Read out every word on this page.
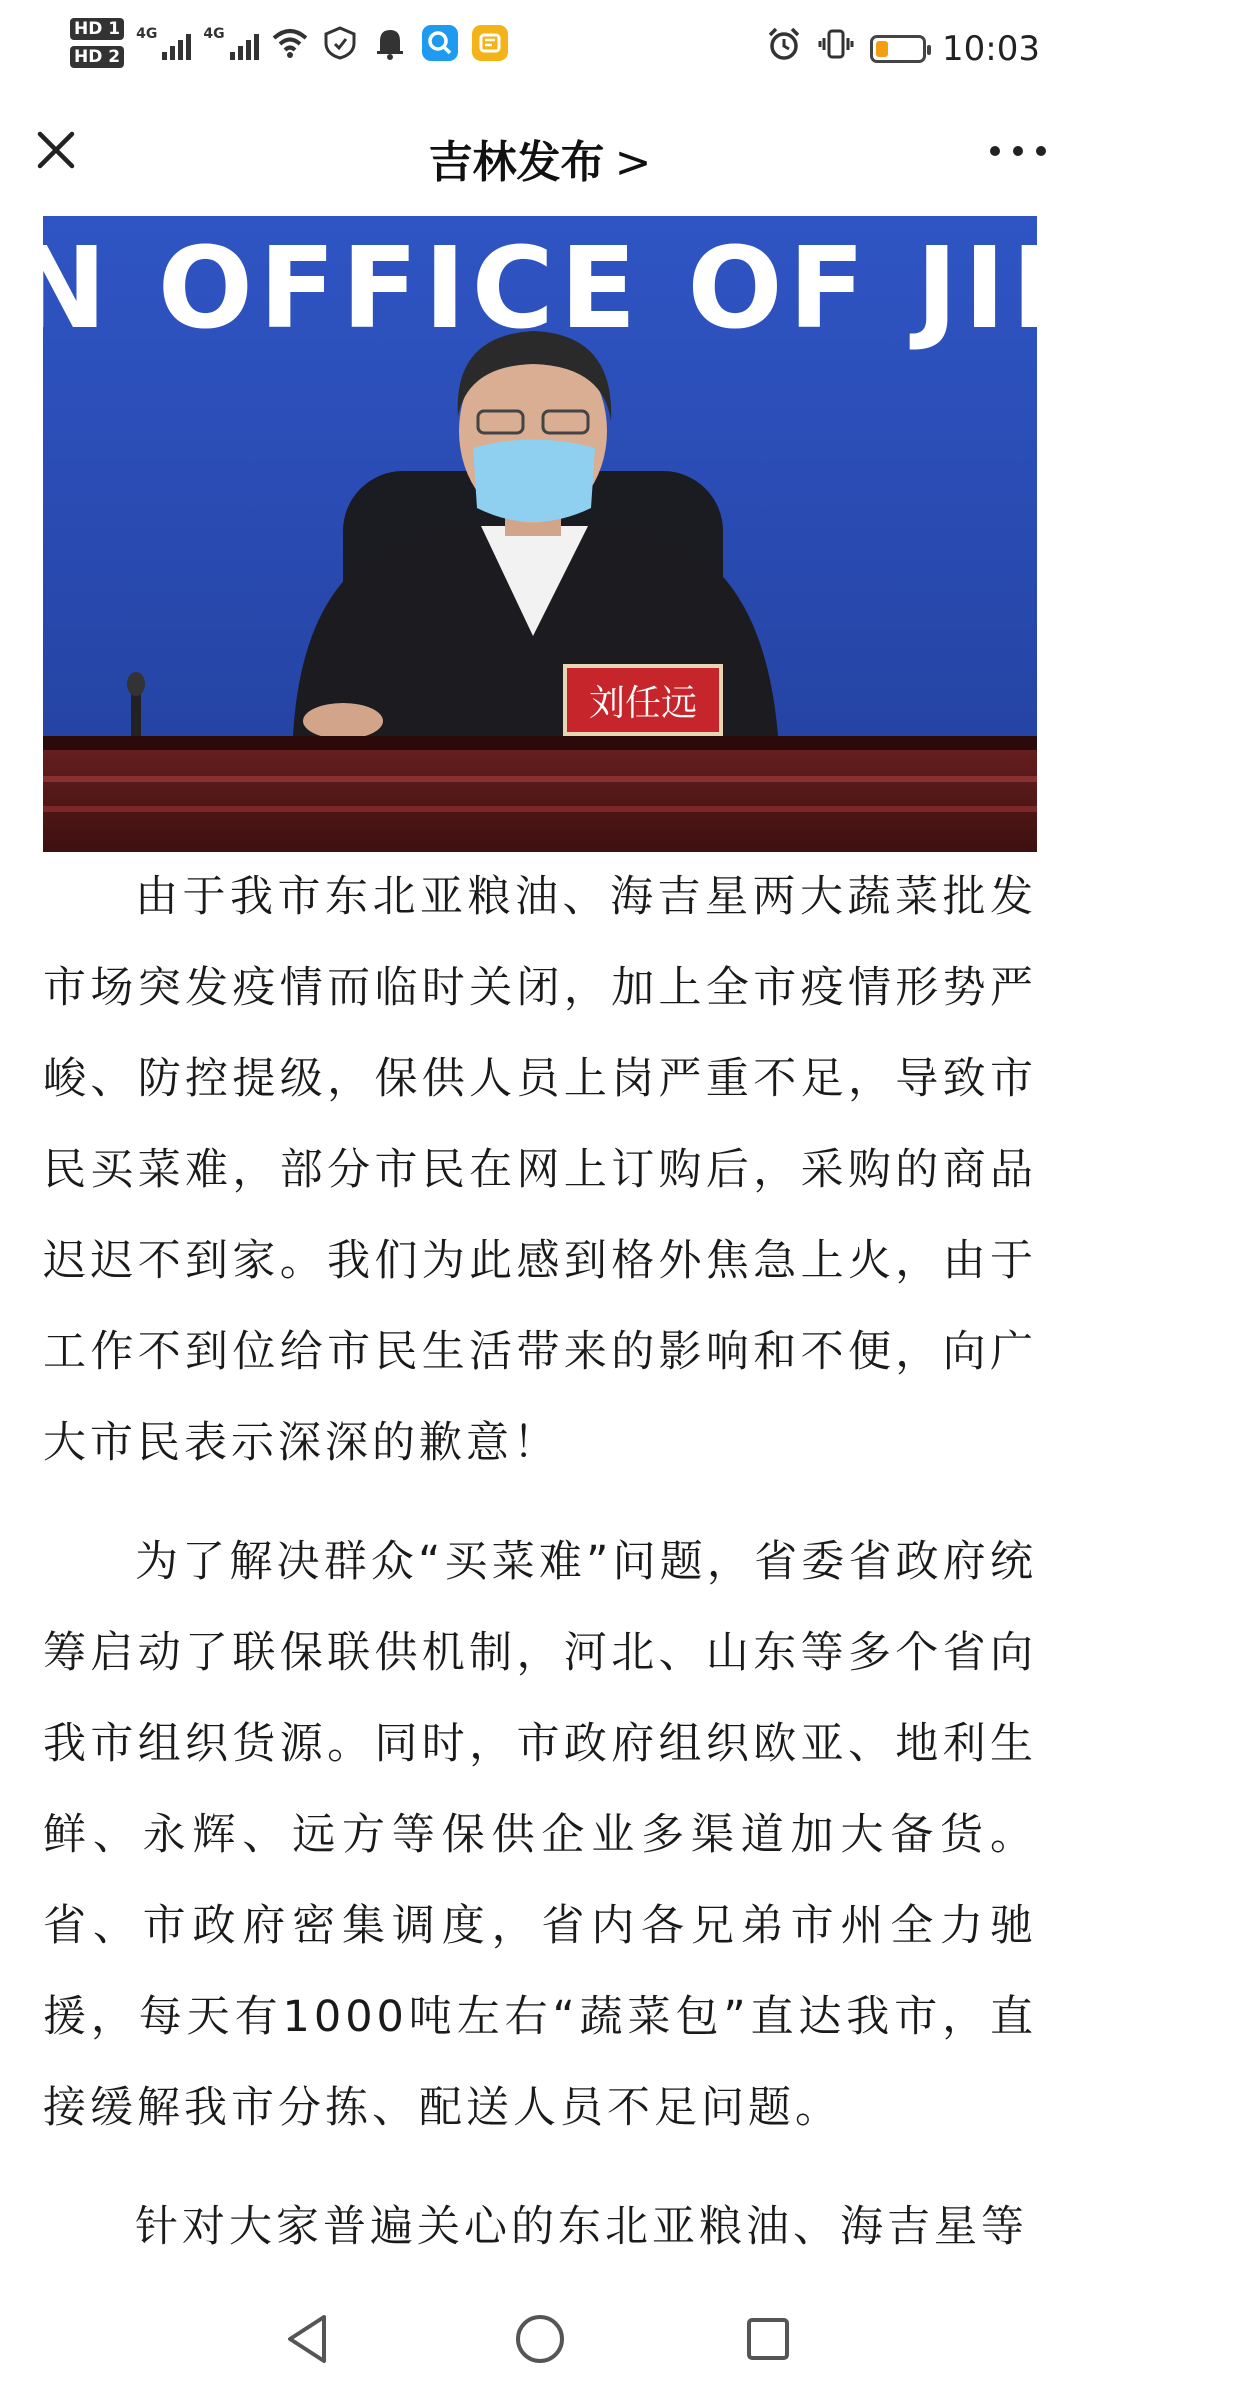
HD 1
HD 2
4G	4G	10:03
吉林发布 >
N OFFICE OF JILIN
刘任远

由于我市东北亚粮油、海吉星两大蔬菜批发市场突发疫情而临时关闭，加上全市疫情形势严峻、防控提级，保供人员上岗严重不足，导致市民买菜难，部分市民在网上订购后，采购的商品迟迟不到家。我们为此感到格外焦急上火，由于工作不到位给市民生活带来的影响和不便，向广大市民表示深深的歉意！

为了解决群众“买菜难”问题，省委省政府统筹启动了联保联供机制，河北、山东等多个省向我市组织货源。同时，市政府组织欧亚、地利生鲜、永辉、远方等保供企业多渠道加大备货。省、市政府密集调度，省内各兄弟市州全力驰援，每天有1000吨左右“蔬菜包”直达我市，直接缓解我市分拣、配送人员不足问题。

针对大家普遍关心的东北亚粮油、海吉星等
